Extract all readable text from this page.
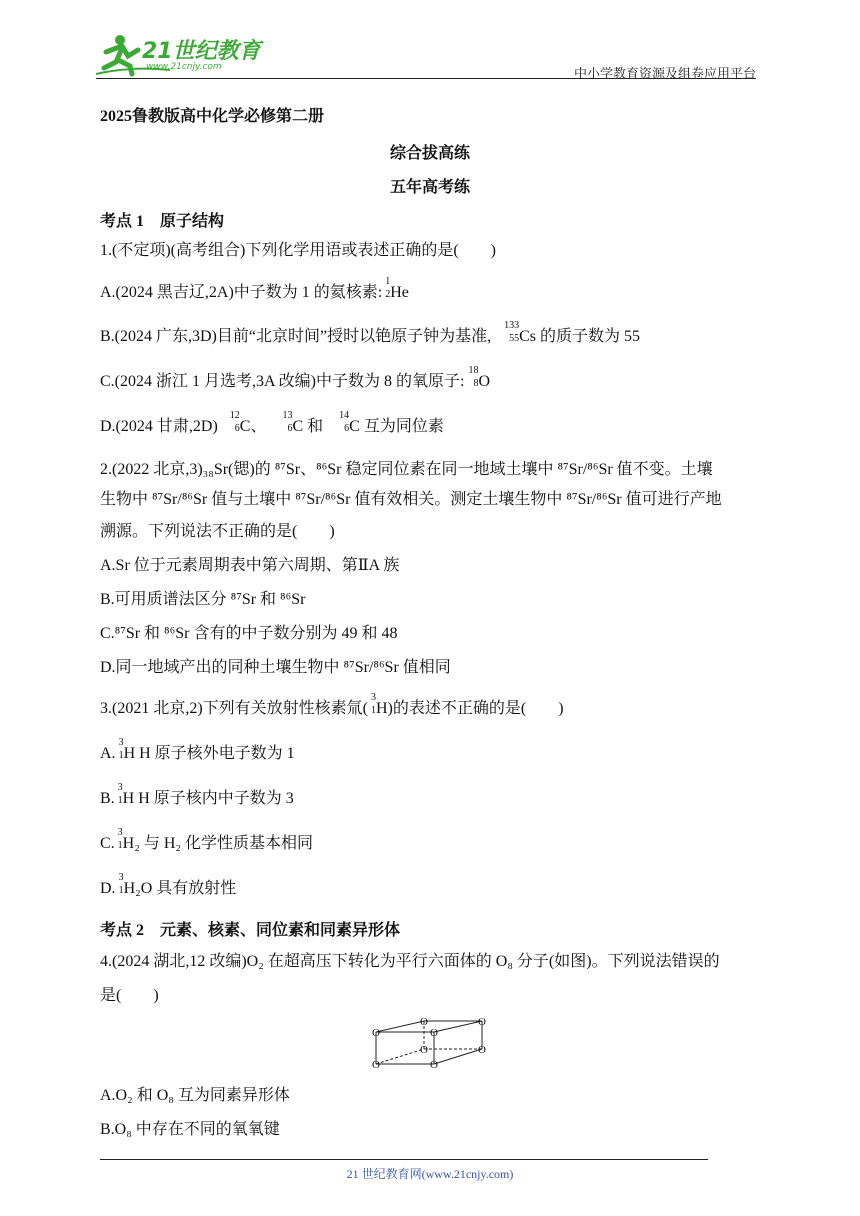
21世纪教育
www.21cnjy.com	中小学教育资源及组卷应用平台
2025鲁教版高中化学必修第二册
综合拔高练
五年高考练
考点 1　原子结构
1.(不定项)(高考组合)下列化学用语或表述正确的是(　　)
A.(2024 黑吉辽,2A)中子数为 1 的氦核素:
1
2 He
B.(2024 广东,3D)目前“北京时间”授时以铯原子钟为基准,
133
55 Cs 的质子数为 55
C.(2024 浙江 1 月选考,3A 改编)中子数为 8 的氧原子:
18
8 O
D.(2024 甘肃,2D)
12
6 C、
13
6 C 和
14
6 C 互为同位素
2.(2022 北京,3)₃₈Sr(锶)的 ⁸⁷Sr、⁸⁶Sr 稳定同位素在同一地域土壤中 ⁸⁷Sr/⁸⁶Sr 值不变。土壤
生物中 ⁸⁷Sr/⁸⁶Sr 值与土壤中 ⁸⁷Sr/⁸⁶Sr 值有效相关。测定土壤生物中 ⁸⁷Sr/⁸⁶Sr 值可进行产地
溯源。下列说法不正确的是(　　)
A.Sr 位于元素周期表中第六周期、第ⅡA 族
B.可用质谱法区分 ⁸⁷Sr 和 ⁸⁶Sr
C.⁸⁷Sr 和 ⁸⁶Sr 含有的中子数分别为 49 和 48
D.同一地域产出的同种土壤生物中 ⁸⁷Sr/⁸⁶Sr 值相同
3.(2021 北京,2)下列有关放射性核素氚(
3
1 H)的表述不正确的是(　　)
A.
3
1 H H 原子核外电子数为 1
B.
3
1 H H 原子核内中子数为 3
C.
3
1 H₂ 与 H₂ 化学性质基本相同
D.
3
1 H₂O 具有放射性
考点 2　元素、核素、同位素和同素异形体
4.(2024 湖北,12 改编)O₂ 在超高压下转化为平行六面体的 O₈ 分子(如图)。下列说法错误的
是(　　)
O
O	O
O
O	O
O	O
A.O₂ 和 O₈ 互为同素异形体
B.O₈ 中存在不同的氧氧键
21 世纪教育网(www.21cnjy.com)
